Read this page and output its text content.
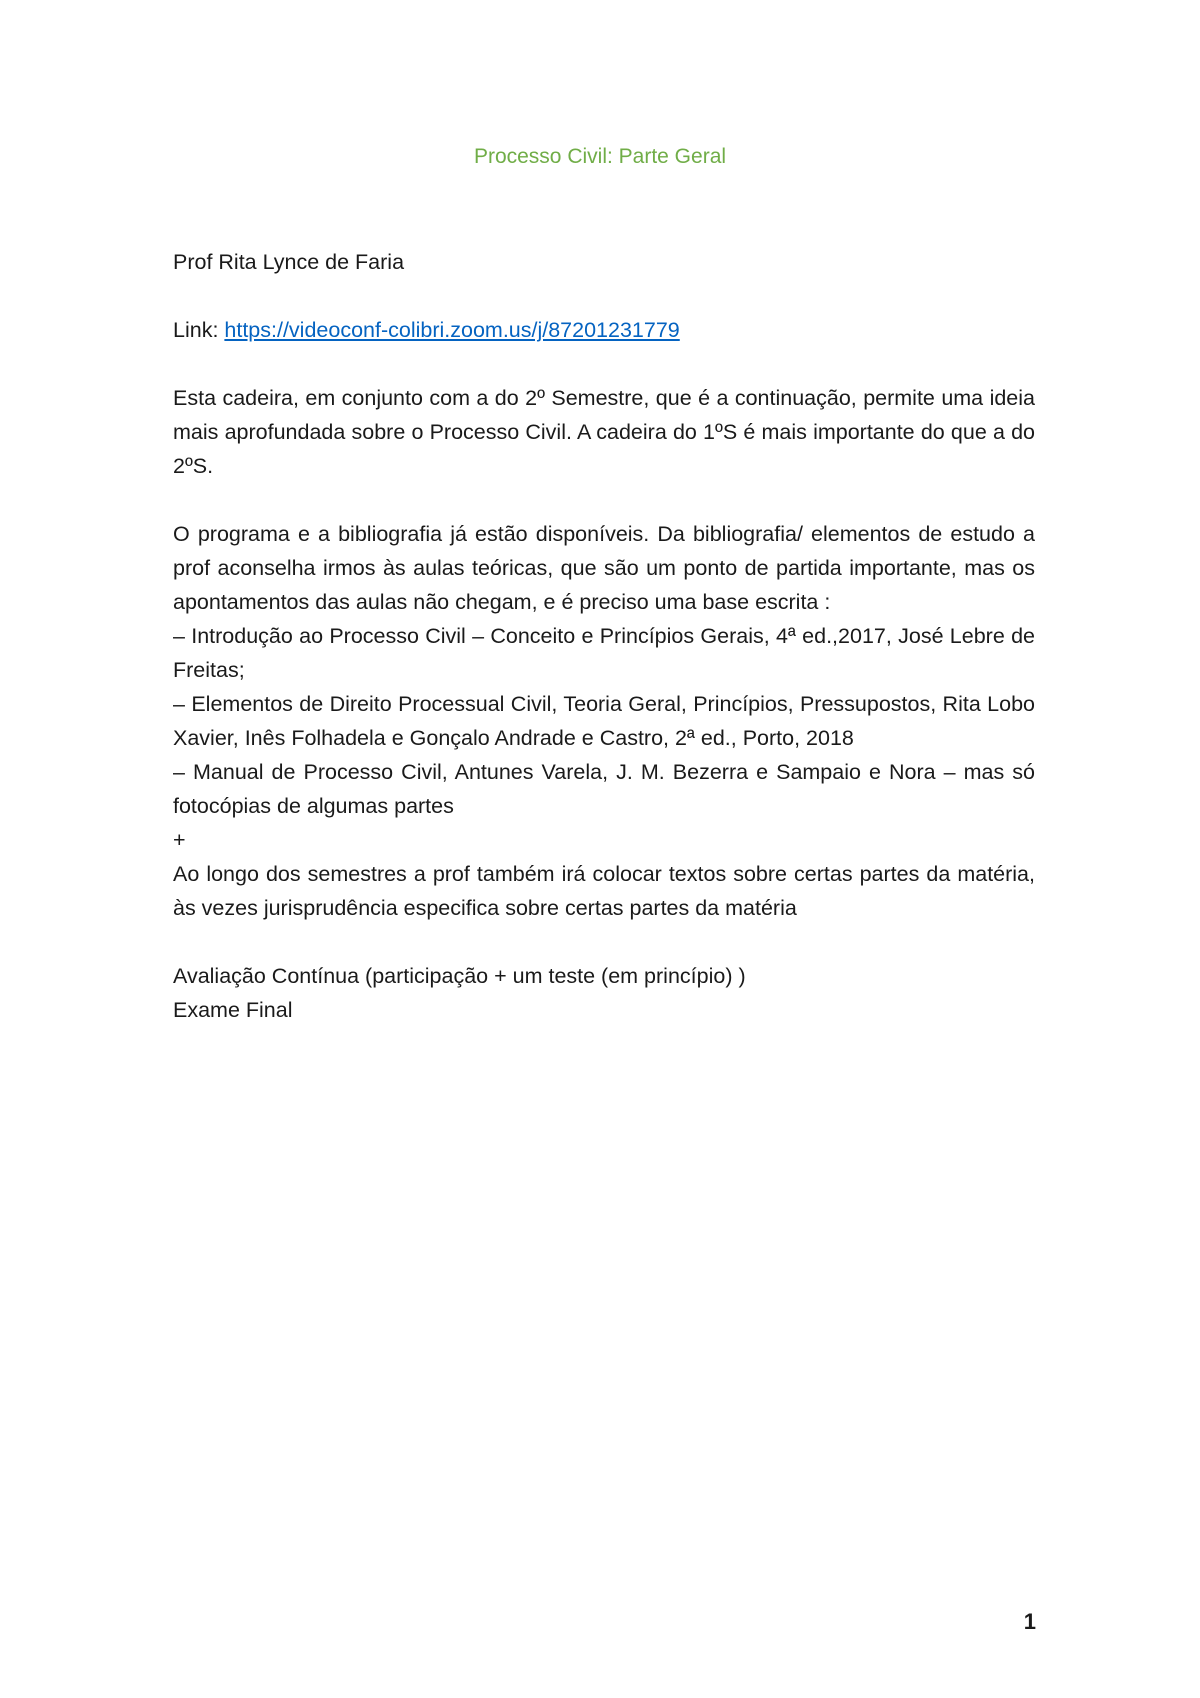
Processo Civil: Parte Geral

Prof Rita Lynce de Faria

Link: https://videoconf-colibri.zoom.us/j/87201231779

Esta cadeira, em conjunto com a do 2º Semestre, que é a continuação, permite uma ideia mais aprofundada sobre o Processo Civil. A cadeira do 1ºS é mais importante do que a do 2ºS.

O programa e a bibliografia já estão disponíveis. Da bibliografia/ elementos de estudo a prof aconselha irmos às aulas teóricas, que são um ponto de partida importante, mas os apontamentos das aulas não chegam, e é preciso uma base escrita :

– Introdução ao Processo Civil – Conceito e Princípios Gerais, 4ª ed.,2017, José Lebre de Freitas;

– Elementos de Direito Processual Civil, Teoria Geral, Princípios, Pressupostos, Rita Lobo Xavier, Inês Folhadela e Gonçalo Andrade e Castro, 2ª ed., Porto, 2018

– Manual de Processo Civil, Antunes Varela, J. M. Bezerra e Sampaio e Nora – mas só fotocópias de algumas partes

+

Ao longo dos semestres a prof também irá colocar textos sobre certas partes da matéria, às vezes jurisprudência especifica sobre certas partes da matéria

Avaliação Contínua (participação + um teste (em princípio) )

Exame Final

1
